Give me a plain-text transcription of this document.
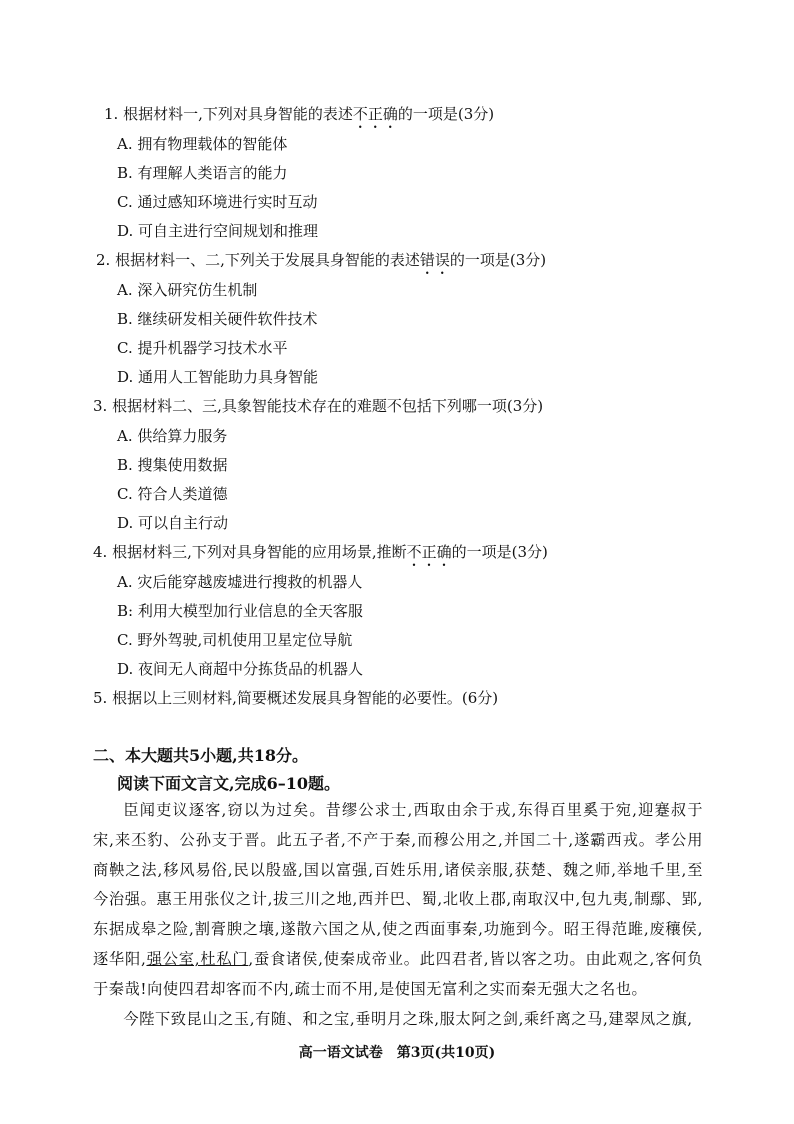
1. 根据材料一,下列对具身智能的表述不正确的一项是(3分)
A. 拥有物理载体的智能体
B. 有理解人类语言的能力
C. 通过感知环境进行实时互动
D. 可自主进行空间规划和推理
2. 根据材料一、二,下列关于发展具身智能的表述错误的一项是(3分)
A. 深入研究仿生机制
B. 继续研发相关硬件软件技术
C. 提升机器学习技术水平
D. 通用人工智能助力具身智能
3. 根据材料二、三,具象智能技术存在的难题不包括下列哪一项(3分)
A. 供给算力服务
B. 搜集使用数据
C. 符合人类道德
D. 可以自主行动
4. 根据材料三,下列对具身智能的应用场景,推断不正确的一项是(3分)
A. 灾后能穿越废墟进行搜救的机器人
B: 利用大模型加行业信息的全天客服
C. 野外驾驶,司机使用卫星定位导航
D. 夜间无人商超中分拣货品的机器人
5. 根据以上三则材料,简要概述发展具身智能的必要性。(6分)
二、本大题共5小题,共18分。
阅读下面文言文,完成6–10题。

臣闻吏议逐客,窃以为过矣。昔缪公求士,西取由余于戎,东得百里奚于宛,迎蹇叔于宋,来丕豹、公孙支于晋。此五子者,不产于秦,而穆公用之,并国二十,遂霸西戎。孝公用商鞅之法,移风易俗,民以殷盛,国以富强,百姓乐用,诸侯亲服,获楚、魏之师,举地千里,至今治强。惠王用张仪之计,拔三川之地,西并巴、蜀,北收上郡,南取汉中,包九夷,制鄢、郢,东据成皋之险,割膏腴之壤,遂散六国之从,使之西面事秦,功施到今。昭王得范雎,废穰侯,逐华阳,强公室,杜私门,蚕食诸侯,使秦成帝业。此四君者,皆以客之功。由此观之,客何负于秦哉!向使四君却客而不内,疏士而不用,是使国无富利之实而秦无强大之名也。

今陛下致昆山之玉,有随、和之宝,垂明月之珠,服太阿之剑,乘纤离之马,建翠凤之旗,

高一语文试卷　第3页(共10页)
